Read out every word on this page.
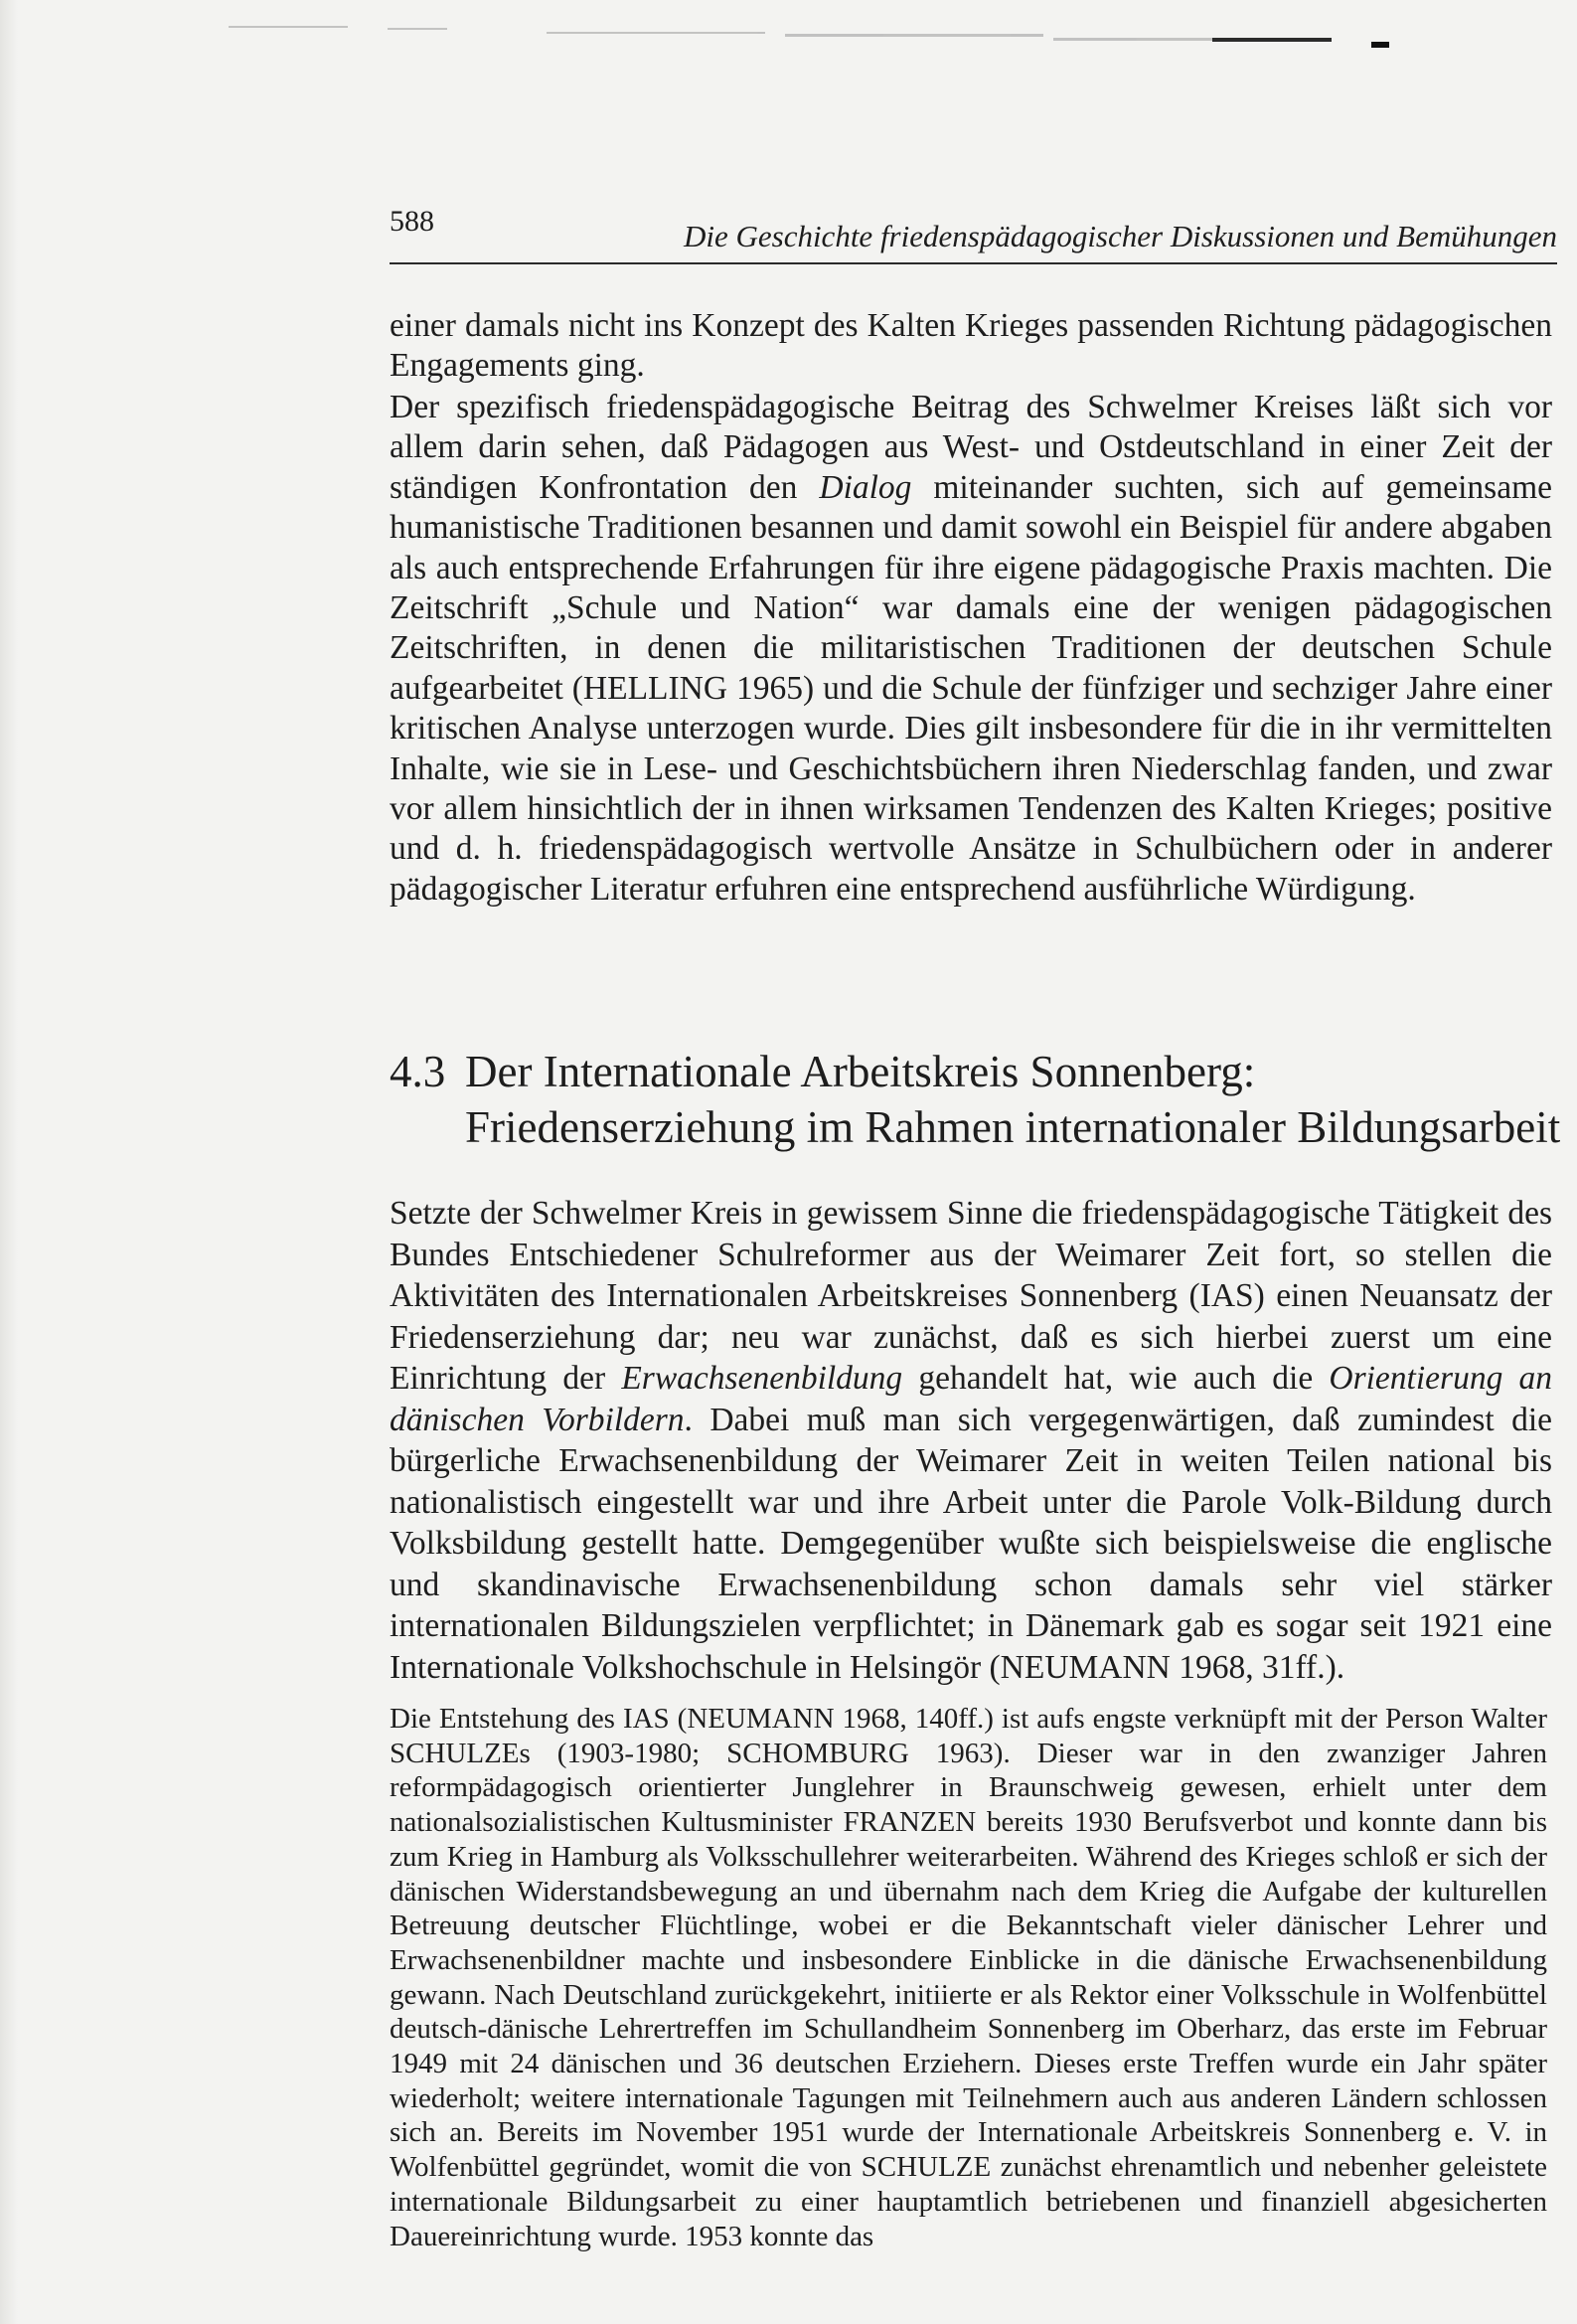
588	Die Geschichte friedenspädagogischer Diskussionen und Bemühungen

einer damals nicht ins Konzept des Kalten Krieges passenden Richtung pädagogischen Engagements ging.

Der spezifisch friedenspädagogische Beitrag des Schwelmer Kreises läßt sich vor allem darin sehen, daß Pädagogen aus West- und Ostdeutschland in einer Zeit der ständigen Konfrontation den Dialog miteinander suchten, sich auf gemeinsame humanistische Traditionen besannen und damit sowohl ein Beispiel für andere abgaben als auch entsprechende Erfahrungen für ihre eigene pädagogische Praxis machten. Die Zeitschrift „Schule und Nation“ war damals eine der wenigen pädagogischen Zeitschriften, in denen die militaristischen Traditionen der deutschen Schule aufgearbeitet (HELLING 1965) und die Schule der fünfziger und sechziger Jahre einer kritischen Analyse unterzogen wurde. Dies gilt insbesondere für die in ihr vermittelten Inhalte, wie sie in Lese- und Geschichtsbüchern ihren Niederschlag fanden, und zwar vor allem hinsichtlich der in ihnen wirksamen Tendenzen des Kalten Krieges; positive und d. h. friedenspädagogisch wertvolle Ansätze in Schulbüchern oder in anderer pädagogischer Literatur erfuhren eine entsprechend ausführliche Würdigung.

4.3 Der Internationale Arbeitskreis Sonnenberg:
Friedenserziehung im Rahmen internationaler Bildungsarbeit

Setzte der Schwelmer Kreis in gewissem Sinne die friedenspädagogische Tätigkeit des Bundes Entschiedener Schulreformer aus der Weimarer Zeit fort, so stellen die Aktivitäten des Internationalen Arbeitskreises Sonnenberg (IAS) einen Neuansatz der Friedenserziehung dar; neu war zunächst, daß es sich hierbei zuerst um eine Einrichtung der Erwachsenenbildung gehandelt hat, wie auch die Orientierung an dänischen Vorbildern. Dabei muß man sich vergegenwärtigen, daß zumindest die bürgerliche Erwachsenenbildung der Weimarer Zeit in weiten Teilen national bis nationalistisch eingestellt war und ihre Arbeit unter die Parole Volk-Bildung durch Volksbildung gestellt hatte. Demgegenüber wußte sich beispielsweise die englische und skandinavische Erwachsenenbildung schon damals sehr viel stärker internationalen Bildungszielen verpflichtet; in Dänemark gab es sogar seit 1921 eine Internationale Volkshochschule in Helsingör (NEUMANN 1968, 31ff.).

Die Entstehung des IAS (NEUMANN 1968, 140ff.) ist aufs engste verknüpft mit der Person Walter SCHULZEs (1903-1980; SCHOMBURG 1963). Dieser war in den zwanziger Jahren reformpädagogisch orientierter Junglehrer in Braunschweig gewesen, erhielt unter dem nationalsozialistischen Kultusminister FRANZEN bereits 1930 Berufsverbot und konnte dann bis zum Krieg in Hamburg als Volksschullehrer weiterarbeiten. Während des Krieges schloß er sich der dänischen Widerstandsbewegung an und übernahm nach dem Krieg die Aufgabe der kulturellen Betreuung deutscher Flüchtlinge, wobei er die Bekanntschaft vieler dänischer Lehrer und Erwachsenenbildner machte und insbesondere Einblicke in die dänische Erwachsenenbildung gewann. Nach Deutschland zurückgekehrt, initiierte er als Rektor einer Volksschule in Wolfenbüttel deutsch-dänische Lehrertreffen im Schullandheim Sonnenberg im Oberharz, das erste im Februar 1949 mit 24 dänischen und 36 deutschen Erziehern. Dieses erste Treffen wurde ein Jahr später wiederholt; weitere internationale Tagungen mit Teilnehmern auch aus anderen Ländern schlossen sich an. Bereits im November 1951 wurde der Internationale Arbeitskreis Sonnenberg e. V. in Wolfenbüttel gegründet, womit die von SCHULZE zunächst ehrenamtlich und nebenher geleistete internationale Bildungsarbeit zu einer hauptamtlich betriebenen und finanziell abgesicherten Dauereinrichtung wurde. 1953 konnte das
